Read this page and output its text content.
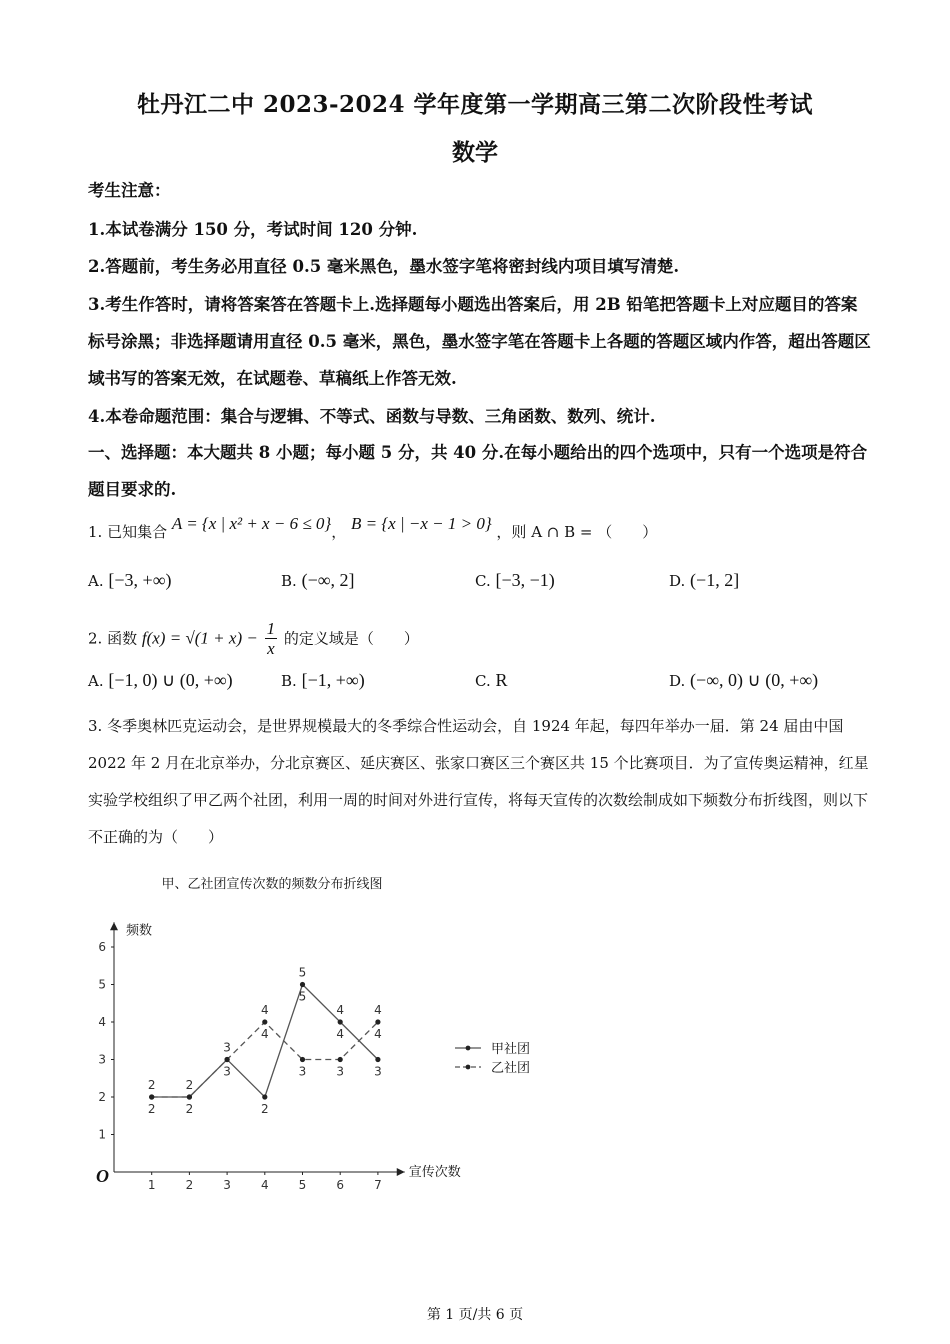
牡丹江二中 2023-2024 学年度第一学期高三第二次阶段性考试
数学
考生注意：
1.本试卷满分 150 分，考试时间 120 分钟.
2.答题前，考生务必用直径 0.5 毫米黑色，墨水签字笔将密封线内项目填写清楚.
3.考生作答时，请将答案答在答题卡上.选择题每小题选出答案后，用 2B 铅笔把答题卡上对应题目的答案标号涂黑；非选择题请用直径 0.5 毫米，黑色，墨水签字笔在答题卡上各题的答题区域内作答，超出答题区域书写的答案无效，在试题卷、草稿纸上作答无效.
4.本卷命题范围：集合与逻辑、不等式、函数与导数、三角函数、数列、统计.
一、选择题：本大题共 8 小题；每小题 5 分，共 40 分.在每小题给出的四个选项中，只有一个选项是符合题目要求的.
1. 已知集合 A = {x | x² + x − 6 ≤ 0}， B = {x | −x − 1 > 0} ，则 A ∩ B = （　　）
A. [−3, +∞)	B. (−∞, 2]	C. [−3, −1)	D. (−1, 2]
2. 函数 $f(x) = √(1 + x) - \frac{1}{x}$ 的定义域是（　　）
A. [−1, 0) ∪ (0, +∞)	B. [−1, +∞)	C. R	D. (−∞, 0) ∪ (0, +∞)
3. 冬季奥林匹克运动会，是世界规模最大的冬季综合性运动会，自 1924 年起，每四年举办一届．第 24 届由中国 2022 年 2 月在北京举办，分北京赛区、延庆赛区、张家口赛区三个赛区共 15 个比赛项目．为了宣传奥运精神，红星实验学校组织了甲乙两个社团，利用一周的时间对外进行宣传，将每天宣传的次数绘制成如下频数分布折线图，则以下不正确的为（　　）
甲、乙社团宣传次数的频数分布折线图
频数
宣传次数
O
1
2
3
4
5
6
1	2	3	4	5	6	7
2
2
2
2
3
3
4
4
2
5
5
3
4
4
3
4
4
3
甲社团
乙社团
第 1 页/共 6 页
